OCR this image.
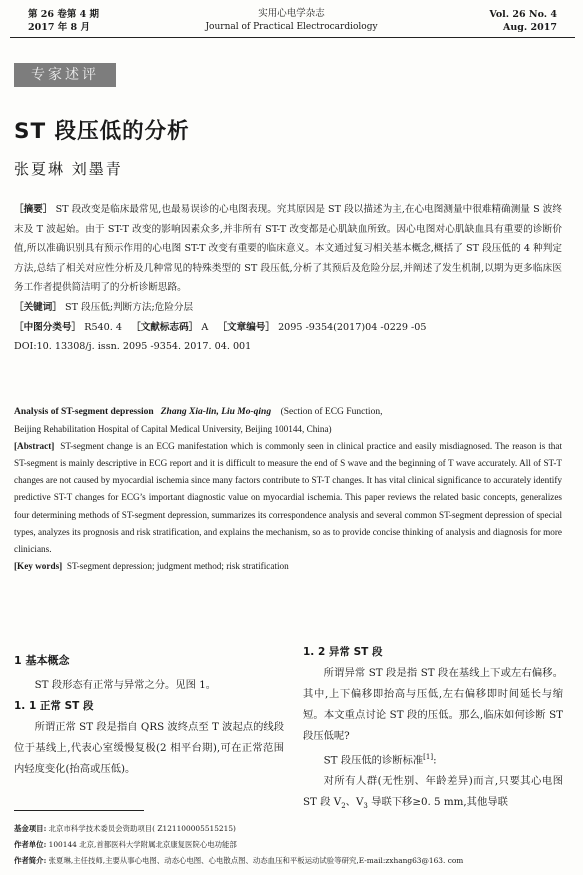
第 26 卷第 4 期
2017 年 8 月
实用心电学杂志
Journal of Practical Electrocardiology
Vol. 26 No. 4
Aug. 2017
专家述评
ST 段压低的分析
张夏琳 刘墨青
［摘要］ ST 段改变是临床最常见,也最易误诊的心电图表现。究其原因是 ST 段以描述为主,在心电图测量中很难精确测量 S 波终末及 T 波起始。由于 ST-T 改变的影响因素众多,并非所有 ST-T 改变都是心肌缺血所致。因心电图对心肌缺血具有重要的诊断价值,所以准确识别具有预示作用的心电图 ST-T 改变有重要的临床意义。本文通过复习相关基本概念,概括了 ST 段压低的 4 种判定方法,总结了相关对应性分析及几种常见的特殊类型的 ST 段压低,分析了其预后及危险分层,并阐述了发生机制,以期为更多临床医务工作者提供简洁明了的分析诊断思路。
［关键词］ ST 段压低;判断方法;危险分层
［中图分类号］ R540. 4 ［文献标志码］ A ［文章编号］ 2095 -9354(2017)04 -0229 -05
DOI:10. 13308/j. issn. 2095 -9354. 2017. 04. 001
Analysis of ST-segment depression Zhang Xia-lin, Liu Mo-qing (Section of ECG Function,
Beijing Rehabilitation Hospital of Capital Medical University, Beijing 100144, China)
[Abstract] ST-segment change is an ECG manifestation which is commonly seen in clinical practice and easily misdiagnosed. The reason is that ST-segment is mainly descriptive in ECG report and it is difficult to measure the end of S wave and the beginning of T wave accurately. All of ST-T changes are not caused by myocardial ischemia since many factors contribute to ST-T changes. It has vital clinical significance to accurately identify predictive ST-T changes for ECG’s important diagnostic value on myocardial ischemia. This paper reviews the related basic concepts, generalizes four determining methods of ST-segment depression, summarizes its correspondence analysis and several common ST-segment depression of special types, analyzes its prognosis and risk stratification, and explains the mechanism, so as to provide concise thinking of analysis and diagnosis for more clinicians.
[Key words] ST-segment depression; judgment method; risk stratification
1 基本概念
ST 段形态有正常与异常之分。见图 1。
1. 1 正常 ST 段
所谓正常 ST 段是指自 QRS 波终点至 T 波起点的线段位于基线上,代表心室缓慢复极(2 相平台期),可在正常范围内轻度变化(抬高或压低)。
1. 2 异常 ST 段
所谓异常 ST 段是指 ST 段在基线上下或左右偏移。其中,上下偏移即抬高与压低,左右偏移即时间延长与缩短。本文重点讨论 ST 段的压低。那么,临床如何诊断 ST 段压低呢?
ST 段压低的诊断标准[1]:
对所有人群(无性别、年龄差异)而言,只要其心电图 ST 段 $V_2$、$V_3$ 导联下移≥0. 5 mm,其他导联
基金项目: 北京市科学技术委员会资助项目( Z121100005515215)
作者单位: 100144 北京,首都医科大学附属北京康复医院心电功能部
作者简介: 张夏琳,主任技师,主要从事心电图、动态心电图、心电散点图、动态血压和平板运动试验等研究,E-mail:zxhang63@163. com
